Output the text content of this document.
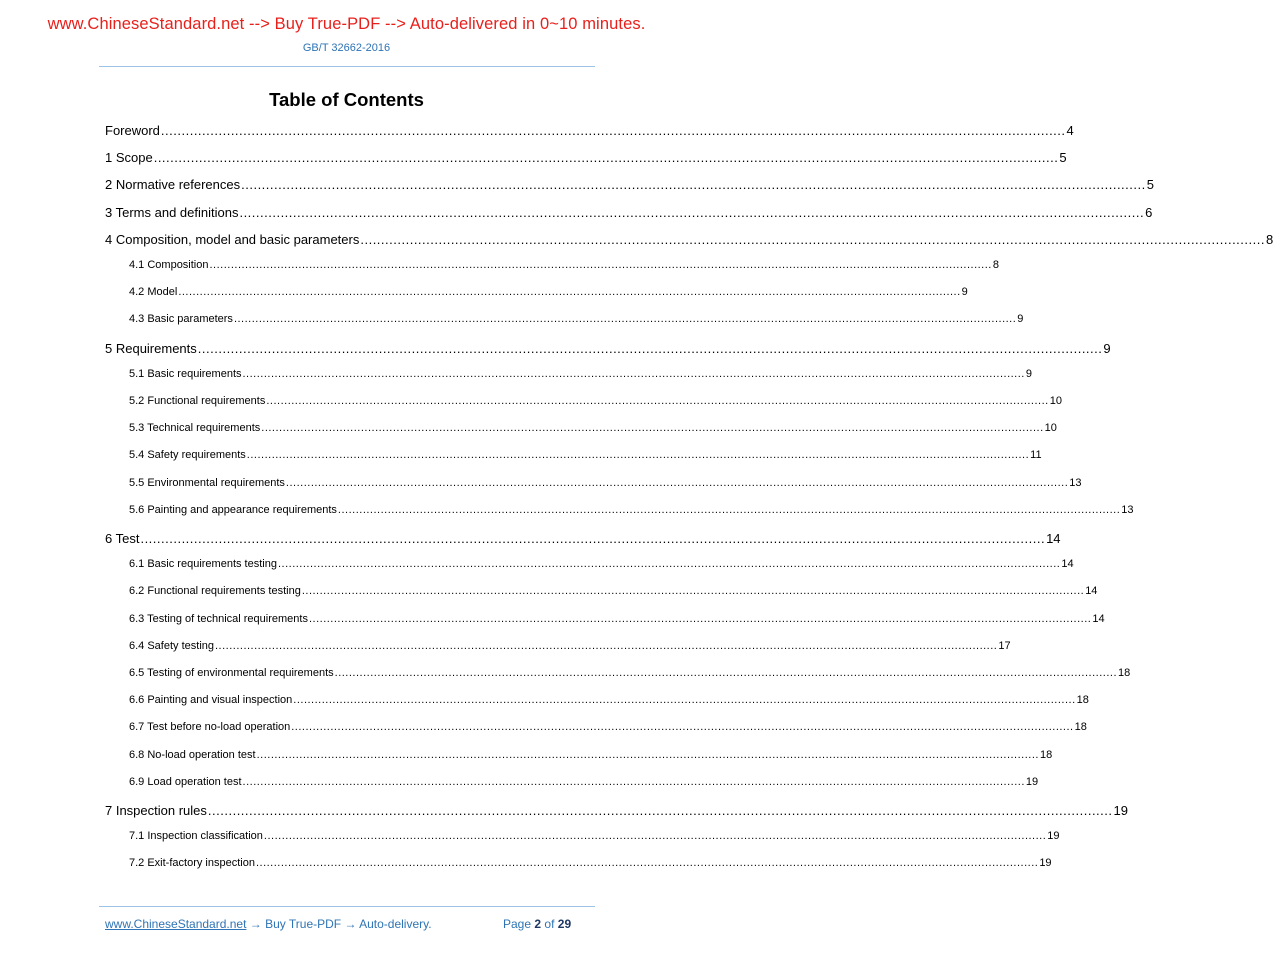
www.ChineseStandard.net --> Buy True-PDF --> Auto-delivered in 0~10 minutes.
GB/T 32662-2016
Table of Contents
Foreword ............................................................................................................................................................................................................................ 4
1 Scope ............................................................................................................................................................................................................................ 5
2 Normative references ............................................................................................................................................................................................................................ 5
3 Terms and definitions ............................................................................................................................................................................................................................ 6
4 Composition, model and basic parameters ............................................................................................................................................................................................................................ 8
4.1 Composition ............................................................................................................................................................................................................................ 8
4.2 Model ............................................................................................................................................................................................................................ 9
4.3 Basic parameters ............................................................................................................................................................................................................................ 9
5 Requirements ............................................................................................................................................................................................................................ 9
5.1 Basic requirements ............................................................................................................................................................................................................................ 9
5.2 Functional requirements ............................................................................................................................................................................................................................ 10
5.3 Technical requirements ............................................................................................................................................................................................................................ 10
5.4 Safety requirements ............................................................................................................................................................................................................................ 11
5.5 Environmental requirements ............................................................................................................................................................................................................................ 13
5.6 Painting and appearance requirements ............................................................................................................................................................................................................................ 13
6 Test ............................................................................................................................................................................................................................ 14
6.1 Basic requirements testing ............................................................................................................................................................................................................................ 14
6.2 Functional requirements testing ............................................................................................................................................................................................................................ 14
6.3 Testing of technical requirements ............................................................................................................................................................................................................................ 14
6.4 Safety testing ............................................................................................................................................................................................................................ 17
6.5 Testing of environmental requirements ............................................................................................................................................................................................................................ 18
6.6 Painting and visual inspection ............................................................................................................................................................................................................................ 18
6.7 Test before no-load operation ............................................................................................................................................................................................................................ 18
6.8 No-load operation test ............................................................................................................................................................................................................................ 18
6.9 Load operation test ............................................................................................................................................................................................................................ 19
7 Inspection rules ............................................................................................................................................................................................................................ 19
7.1 Inspection classification ............................................................................................................................................................................................................................ 19
7.2 Exit-factory inspection ............................................................................................................................................................................................................................ 19
www.ChineseStandard.net → Buy True-PDF → Auto-delivery.	Page 2 of 29
